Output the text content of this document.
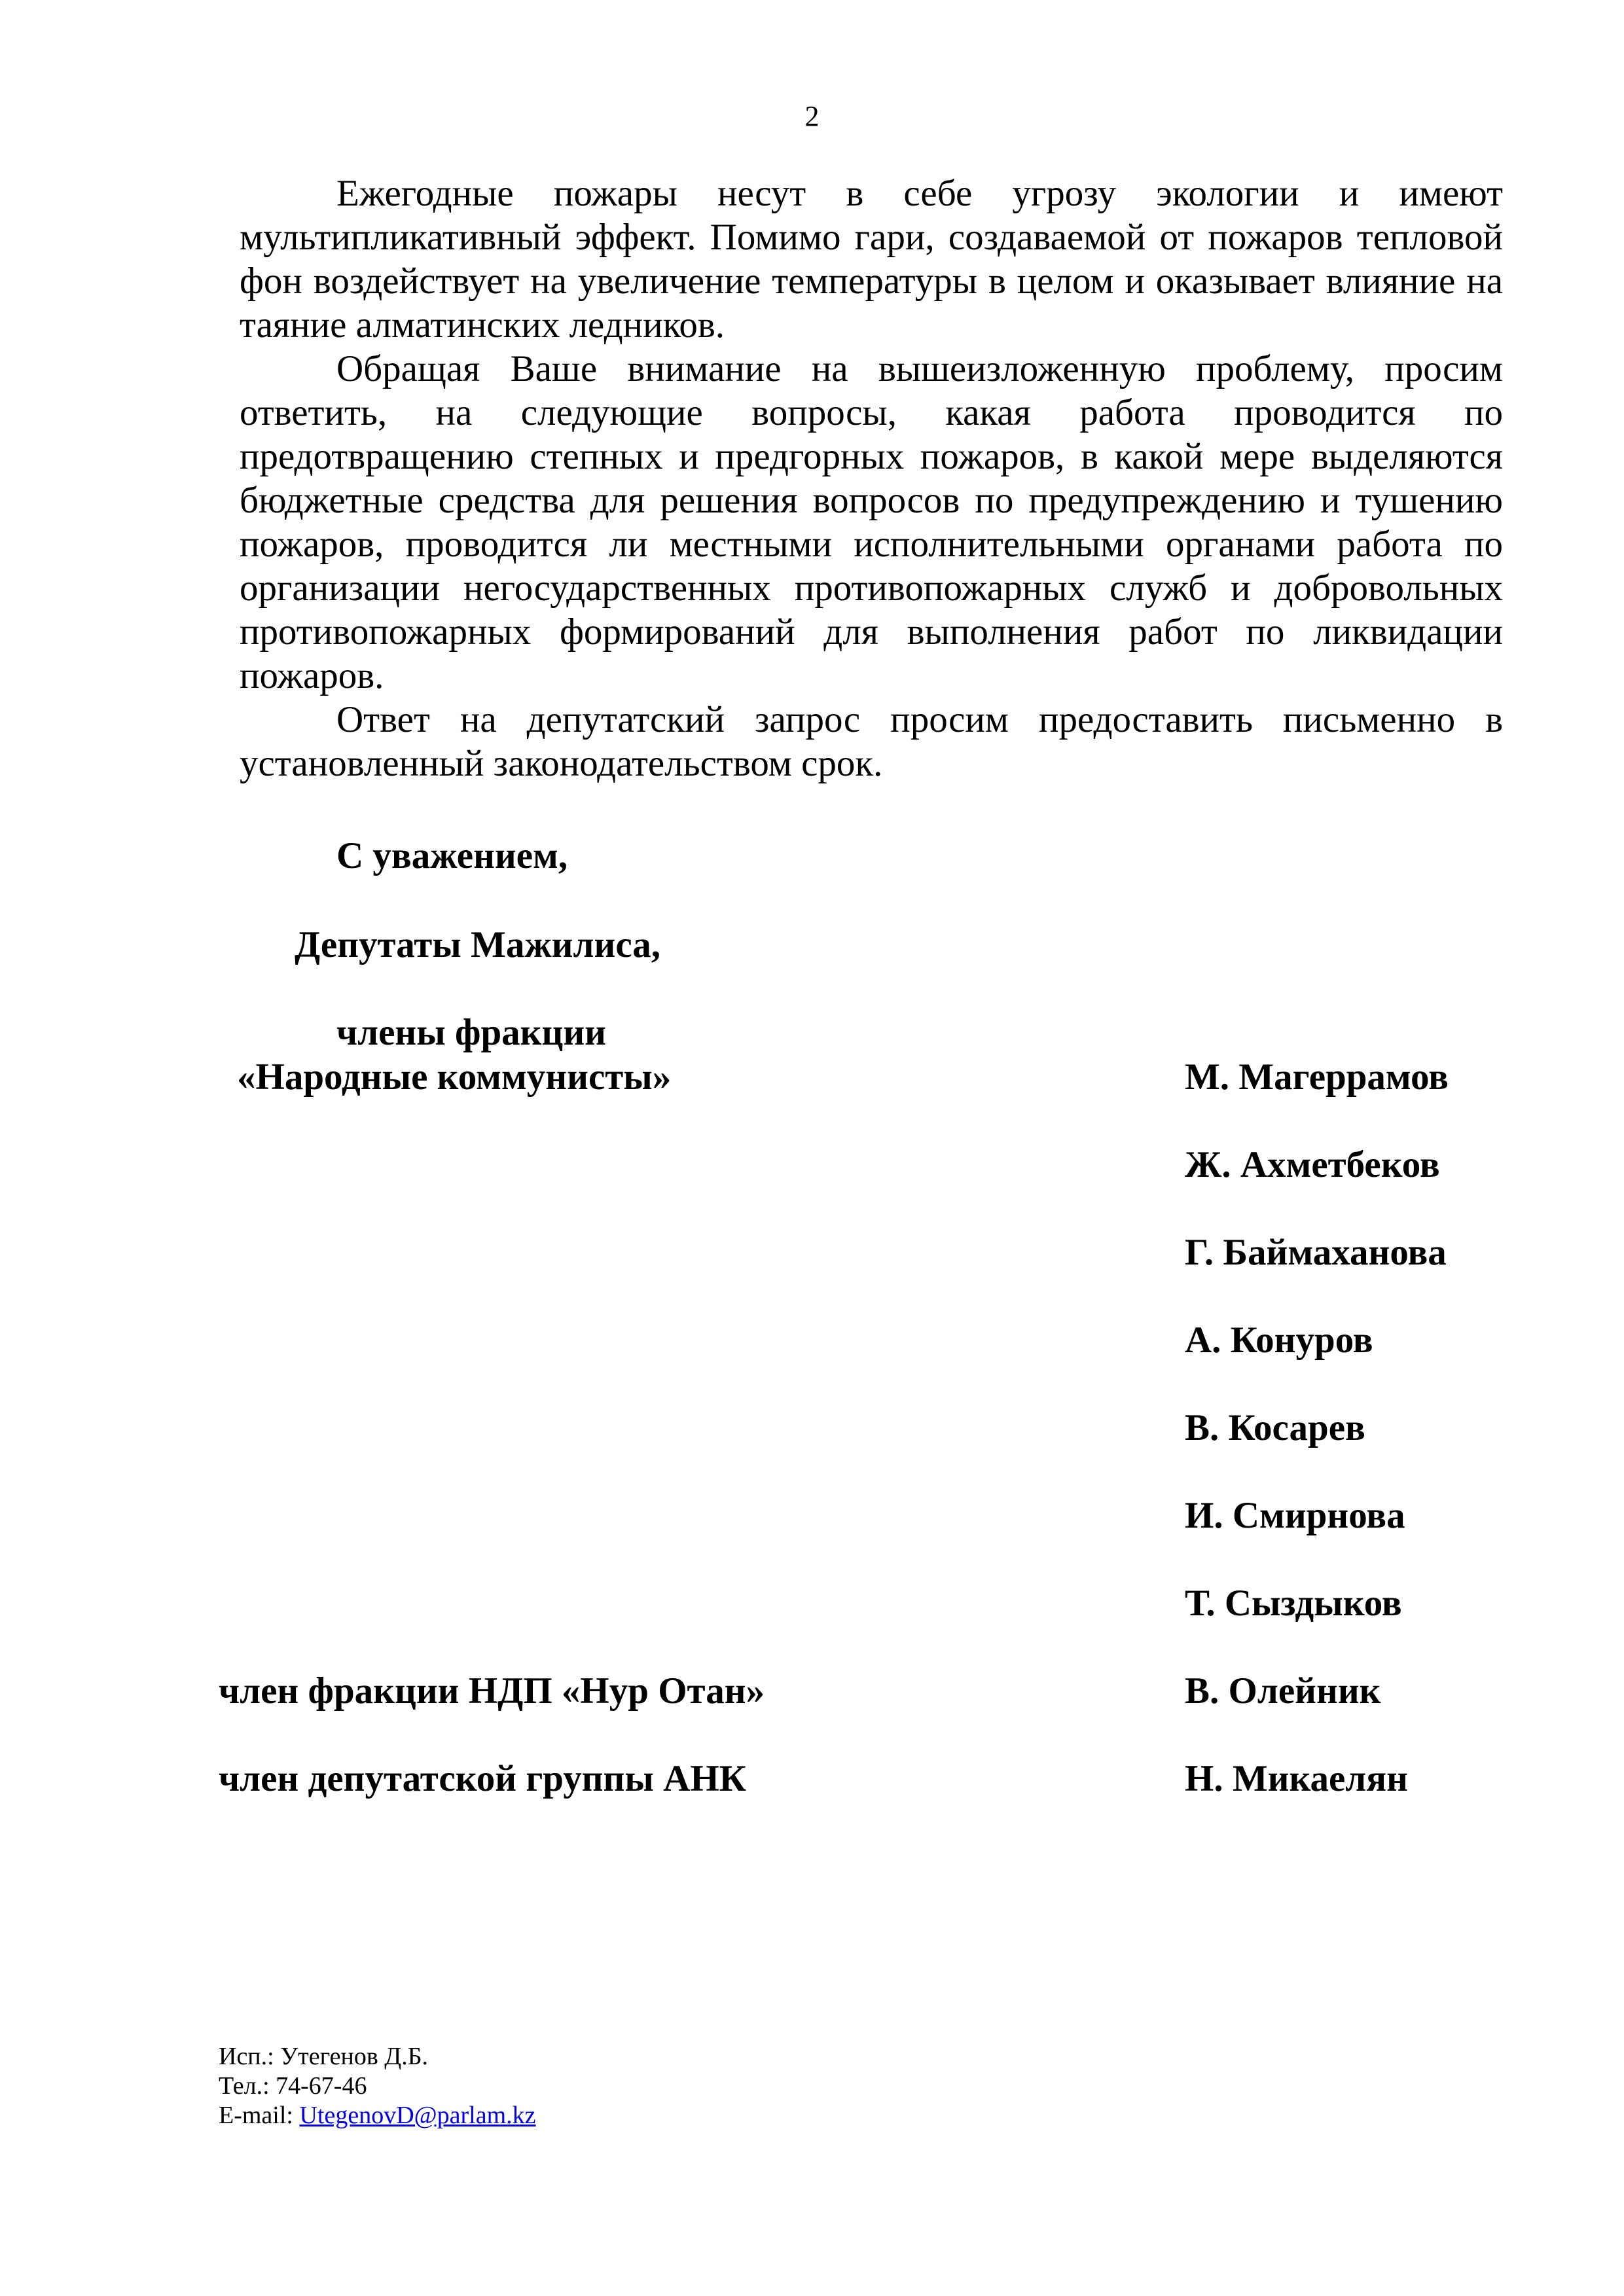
2

Ежегодные пожары несут в себе угрозу экологии и имеют мультипликативный эффект. Помимо гари, создаваемой от пожаров тепловой фон воздействует на увеличение температуры в целом и оказывает влияние на таяние алматинских ледников.

Обращая Ваше внимание на вышеизложенную проблему, просим ответить, на следующие вопросы, какая работа проводится по предотвращению степных и предгорных пожаров, в какой мере выделяются бюджетные средства для решения вопросов по предупреждению и тушению пожаров, проводится ли местными исполнительными органами работа по организации негосударственных противопожарных служб и добровольных противопожарных формирований для выполнения работ по ликвидации пожаров.

Ответ на депутатский запрос просим предоставить письменно в установленный законодательством срок.

С уважением,
Депутаты Мажилиса,
члены фракции
«Народные коммунисты»	М. Магеррамов
Ж. Ахметбеков
Г. Баймаханова
А. Конуров
В. Косарев
И. Смирнова
Т. Сыздыков
член фракции НДП «Нур Отан»	В. Олейник
член депутатской группы АНК	Н. Микаелян
Исп.: Утегенов Д.Б.
Тел.: 74-67-46
E-mail: UtegenovD@parlam.kz
